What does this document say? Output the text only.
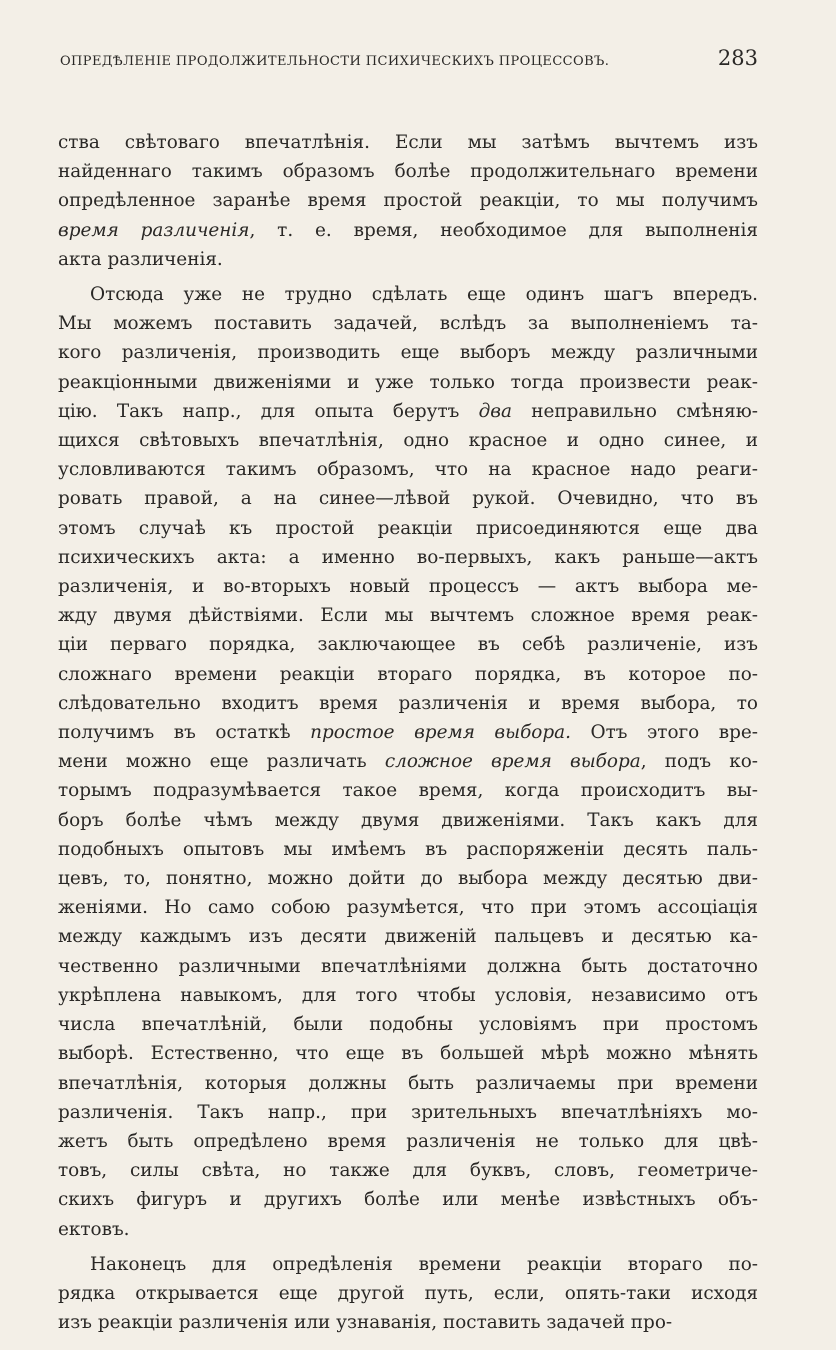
ОПРЕДѢЛЕНІЕ ПРОДОЛЖИТЕЛЬНОСТИ ПСИХИЧЕСКИХЪ ПРОЦЕССОВЪ.	283
ства свѣтоваго впечатлѣнія. Если мы затѣмъ вычтемъ изъ
найденнаго такимъ образомъ болѣе продолжительнаго времени
опредѣленное заранѣе время простой реакціи, то мы получимъ
время различенія, т. е. время, необходимое для выполненія
акта различенія.
Отсюда уже не трудно сдѣлать еще одинъ шагъ впередъ.
Мы можемъ поставить задачей, вслѣдъ за выполненіемъ та-
кого различенія, производить еще выборъ между различными
реакціонными движеніями и уже только тогда произвести реак-
цію. Такъ напр., для опыта берутъ два неправильно смѣняю-
щихся свѣтовыхъ впечатлѣнія, одно красное и одно синее, и
условливаются такимъ образомъ, что на красное надо реаги-
ровать правой, а на синее—лѣвой рукой. Очевидно, что въ
этомъ случаѣ къ простой реакціи присоединяются еще два
психическихъ акта: а именно во-первыхъ, какъ раньше—актъ
различенія, и во-вторыхъ новый процессъ — актъ выбора ме-
жду двумя дѣйствіями. Если мы вычтемъ сложное время реак-
ціи перваго порядка, заключающее въ себѣ различеніе, изъ
сложнаго времени реакціи втораго порядка, въ которое по-
слѣдовательно входитъ время различенія и время выбора, то
получимъ въ остаткѣ простое время выбора. Отъ этого вре-
мени можно еще различать сложное время выбора, подъ ко-
торымъ подразумѣвается такое время, когда происходитъ вы-
боръ болѣе чѣмъ между двумя движеніями. Такъ какъ для
подобныхъ опытовъ мы имѣемъ въ распоряженіи десять паль-
цевъ, то, понятно, можно дойти до выбора между десятью дви-
женіями. Но само собою разумѣется, что при этомъ ассоціація
между каждымъ изъ десяти движеній пальцевъ и десятью ка-
чественно различными впечатлѣніями должна быть достаточно
укрѣплена навыкомъ, для того чтобы условія, независимо отъ
числа впечатлѣній, были подобны условіямъ при простомъ
выборѣ. Естественно, что еще въ большей мѣрѣ можно мѣнять
впечатлѣнія, которыя должны быть различаемы при времени
различенія. Такъ напр., при зрительныхъ впечатлѣніяхъ мо-
жетъ быть опредѣлено время различенія не только для цвѣ-
товъ, силы свѣта, но также для буквъ, словъ, геометриче-
скихъ фигуръ и другихъ болѣе или менѣе извѣстныхъ объ-
ектовъ.
Наконецъ для опредѣленія времени реакціи втораго по-
рядка открывается еще другой путь, если, опять-таки исходя
изъ реакціи различенія или узнаванія, поставить задачей про-
